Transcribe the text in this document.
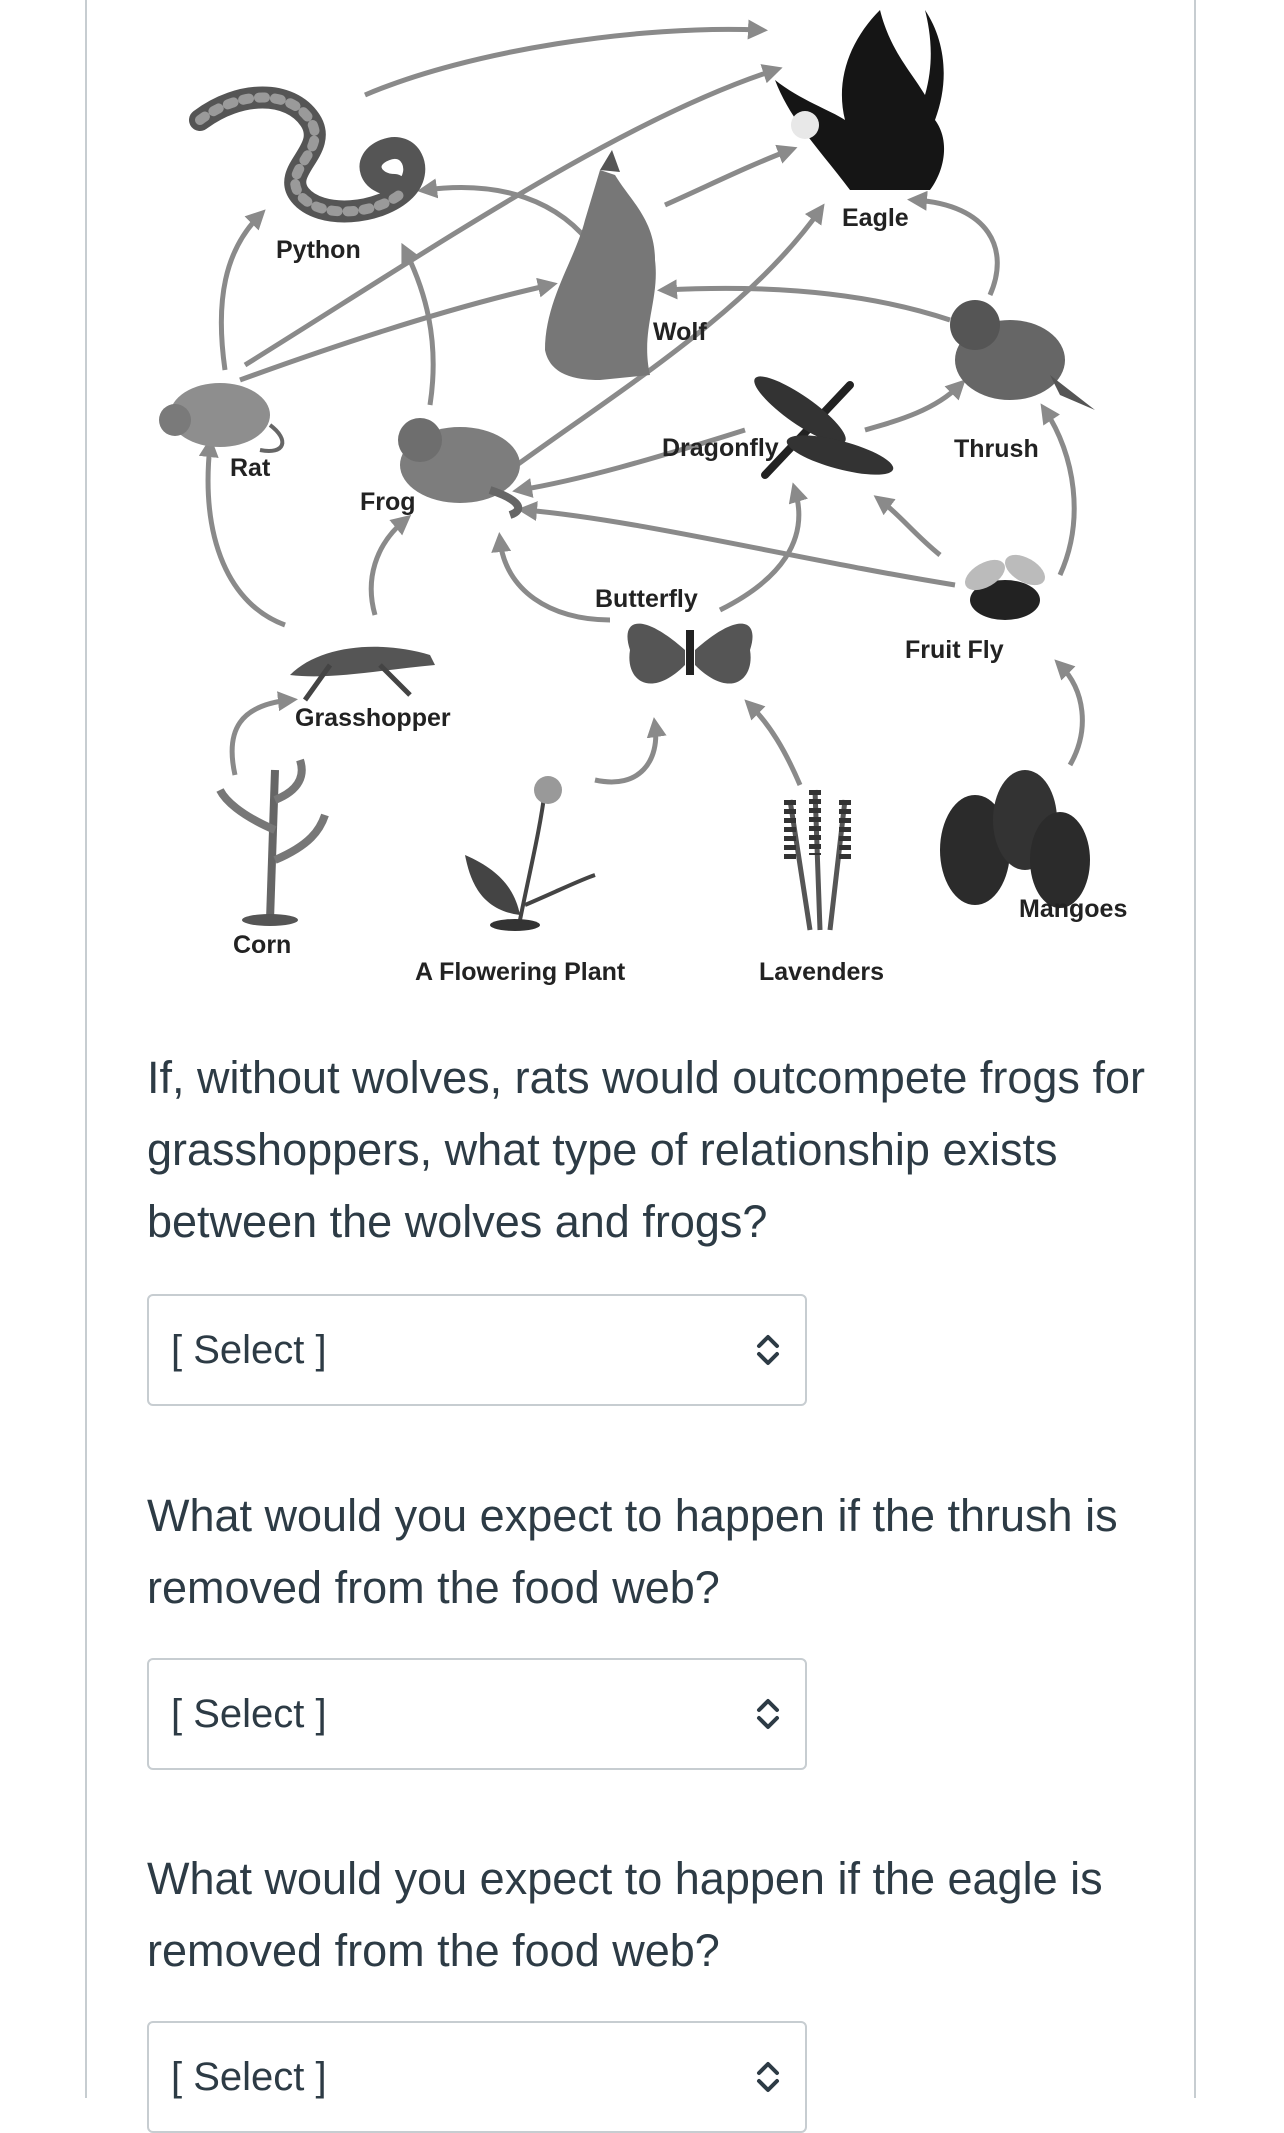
Python
Eagle
Wolf
Rat
Dragonfly	Thrush
Frog
Butterfly
Fruit Fly
Grasshopper
Mangoes
Corn
A Flowering Plant	Lavenders
If, without wolves, rats would outcompete frogs for grasshoppers, what type of relationship exists between the wolves and frogs?
[ Select ]
What would you expect to happen if the thrush is removed from the food web?
[ Select ]
What would you expect to happen if the eagle is removed from the food web?
[ Select ]
